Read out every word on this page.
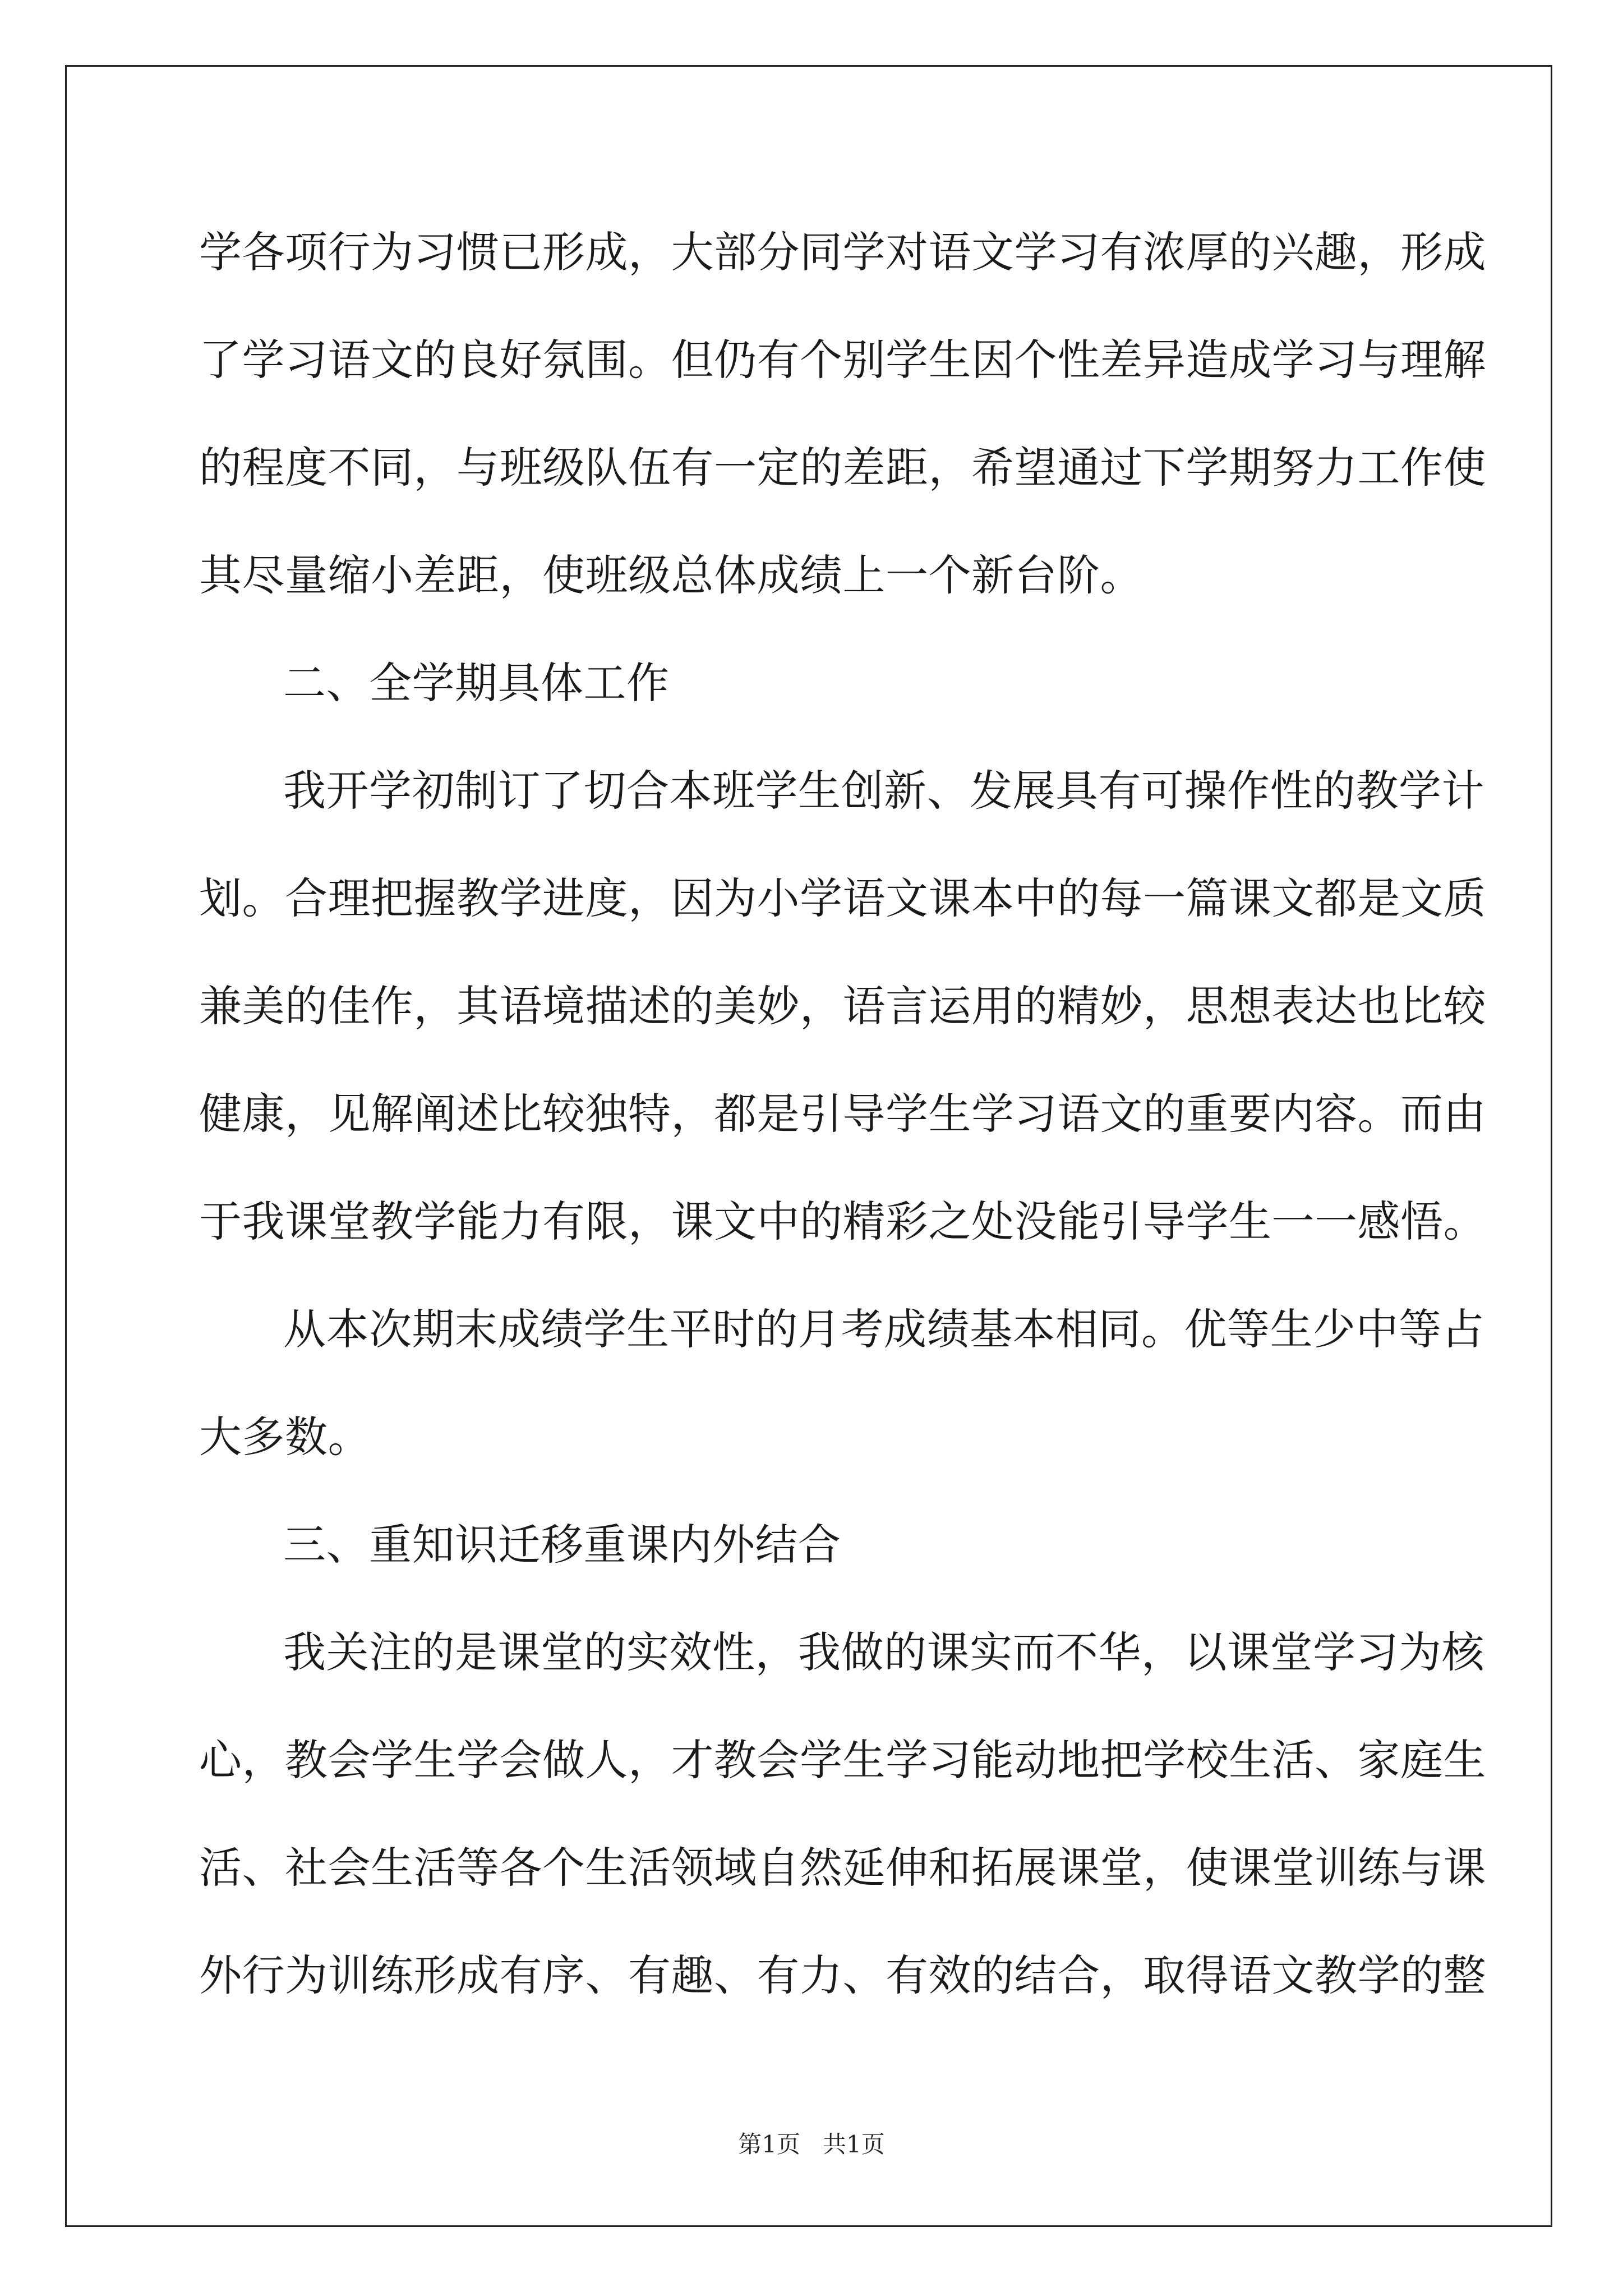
学各项行为习惯已形成，大部分同学对语文学习有浓厚的兴趣，形成
了学习语文的良好氛围。但仍有个别学生因个性差异造成学习与理解
的程度不同，与班级队伍有一定的差距，希望通过下学期努力工作使
其尽量缩小差距，使班级总体成绩上一个新台阶。
二、全学期具体工作
我开学初制订了切合本班学生创新、发展具有可操作性的教学计
划。合理把握教学进度，因为小学语文课本中的每一篇课文都是文质
兼美的佳作，其语境描述的美妙，语言运用的精妙，思想表达也比较
健康，见解阐述比较独特，都是引导学生学习语文的重要内容。而由
于我课堂教学能力有限，课文中的精彩之处没能引导学生一一感悟。
从本次期末成绩学生平时的月考成绩基本相同。优等生少中等占
大多数。
三、重知识迁移重课内外结合
我关注的是课堂的实效性，我做的课实而不华，以课堂学习为核
心，教会学生学会做人，才教会学生学习能动地把学校生活、家庭生
活、社会生活等各个生活领域自然延伸和拓展课堂，使课堂训练与课
外行为训练形成有序、有趣、有力、有效的结合，取得语文教学的整
第1页 共1页
